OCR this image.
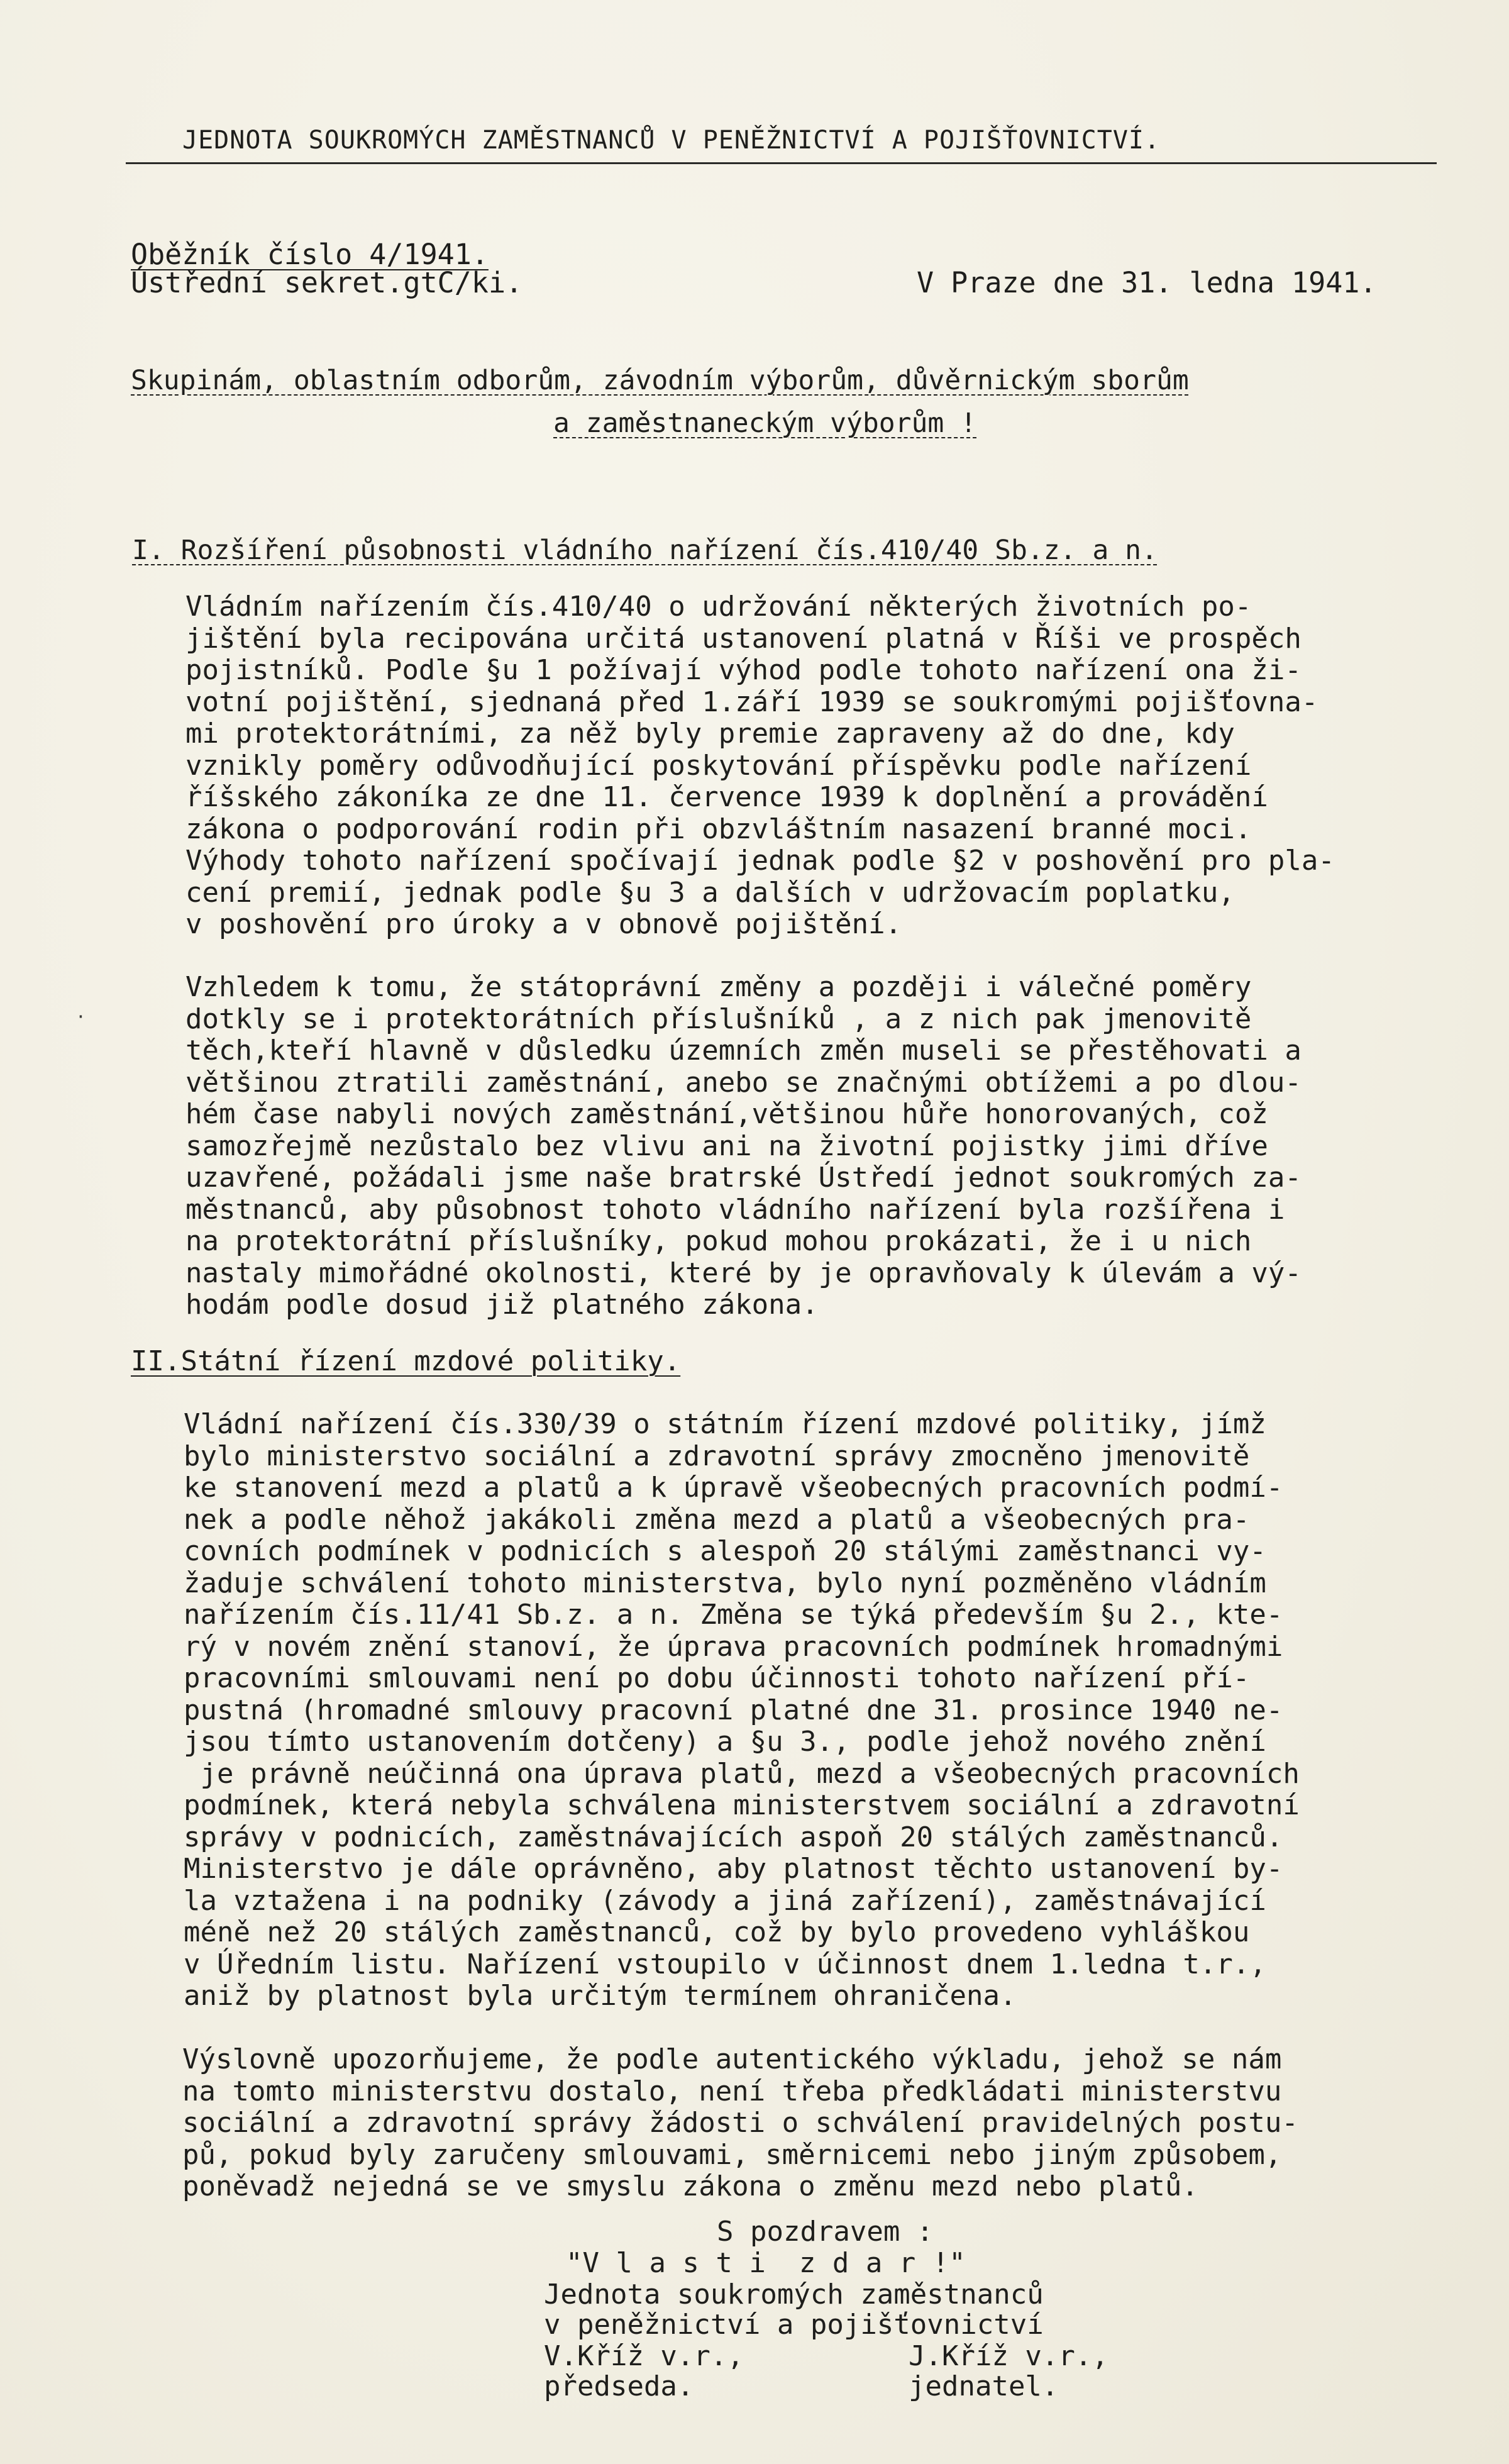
JEDNOTA SOUKROMÝCH ZAMĚSTNANCŮ V PENĚŽNICTVÍ A POJIŠŤOVNICTVÍ.
Oběžník číslo 4/1941.
Ústřední sekret.gtC/ki.	V Praze dne 31. ledna 1941.
Skupinám, oblastním odborům, závodním výborům, důvěrnickým sborům
a zaměstnaneckým výborům !
I. Rozšíření působnosti vládního nařízení čís.410/40 Sb.z. a n.

Vládním nařízením čís.410/40 o udržování některých životních po-

jištění byla recipována určitá ustanovení platná v Říši ve prospěch

pojistníků. Podle §u 1 požívají výhod podle tohoto nařízení ona ži-

votní pojištění, sjednaná před 1.září 1939 se soukromými pojišťovna-

mi protektorátními, za něž byly premie zapraveny až do dne, kdy

vznikly poměry odůvodňující poskytování příspěvku podle nařízení

říšského zákoníka ze dne 11. července 1939 k doplnění a provádění

zákona o podporování rodin při obzvláštním nasazení branné moci.

Výhody tohoto nařízení spočívají jednak podle §2 v poshovění pro pla-

cení premií, jednak podle §u 3 a dalších v udržovacím poplatku,

v poshovění pro úroky a v obnově pojištění.

·

Vzhledem k tomu, že státoprávní změny a později i válečné poměry

dotkly se i protektorátních příslušníků , a z nich pak jmenovitě

těch,kteří hlavně v důsledku územních změn museli se přestěhovati a

většinou ztratili zaměstnání, anebo se značnými obtížemi a po dlou-

hém čase nabyli nových zaměstnání,většinou hůře honorovaných, což

samozřejmě nezůstalo bez vlivu ani na životní pojistky jimi dříve

uzavřené, požádali jsme naše bratrské Ústředí jednot soukromých za-

městnanců, aby působnost tohoto vládního nařízení byla rozšířena i

na protektorátní příslušníky, pokud mohou prokázati, že i u nich

nastaly mimořádné okolnosti, které by je opravňovaly k úlevám a vý-

hodám podle dosud již platného zákona.

II.Státní řízení mzdové politiky.

Vládní nařízení čís.330/39 o státním řízení mzdové politiky, jímž

bylo ministerstvo sociální a zdravotní správy zmocněno jmenovitě

ke stanovení mezd a platů a k úpravě všeobecných pracovních podmí-

nek a podle něhož jakákoli změna mezd a platů a všeobecných pra-

covních podmínek v podnicích s alespoň 20 stálými zaměstnanci vy-

žaduje schválení tohoto ministerstva, bylo nyní pozměněno vládním

nařízením čís.11/41 Sb.z. a n. Změna se týká především §u 2., kte-

rý v novém znění stanoví, že úprava pracovních podmínek hromadnými

pracovními smlouvami není po dobu účinnosti tohoto nařízení pří-

pustná (hromadné smlouvy pracovní platné dne 31. prosince 1940 ne-

jsou tímto ustanovením dotčeny) a §u 3., podle jehož nového znění

je právně neúčinná ona úprava platů, mezd a všeobecných pracovních

podmínek, která nebyla schválena ministerstvem sociální a zdravotní

správy v podnicích, zaměstnávajících aspoň 20 stálých zaměstnanců.

Ministerstvo je dále oprávněno, aby platnost těchto ustanovení by-

la vztažena i na podniky (závody a jiná zařízení), zaměstnávající

méně než 20 stálých zaměstnanců, což by bylo provedeno vyhláškou

v Úředním listu. Nařízení vstoupilo v účinnost dnem 1.ledna t.r.,

aniž by platnost byla určitým termínem ohraničena.

Výslovně upozorňujeme, že podle autentického výkladu, jehož se nám

na tomto ministerstvu dostalo, není třeba předkládati ministerstvu

sociální a zdravotní správy žádosti o schválení pravidelných postu-

pů, pokud byly zaručeny smlouvami, směrnicemi nebo jiným způsobem,

poněvadž nejedná se ve smyslu zákona o změnu mezd nebo platů.

S pozdravem :

"V l a s t i  z d a r !"

Jednota soukromých zaměstnanců

v peněžnictví a pojišťovnictví

V.Kříž v.r.,

předseda.

J.Kříž v.r.,

jednatel.
